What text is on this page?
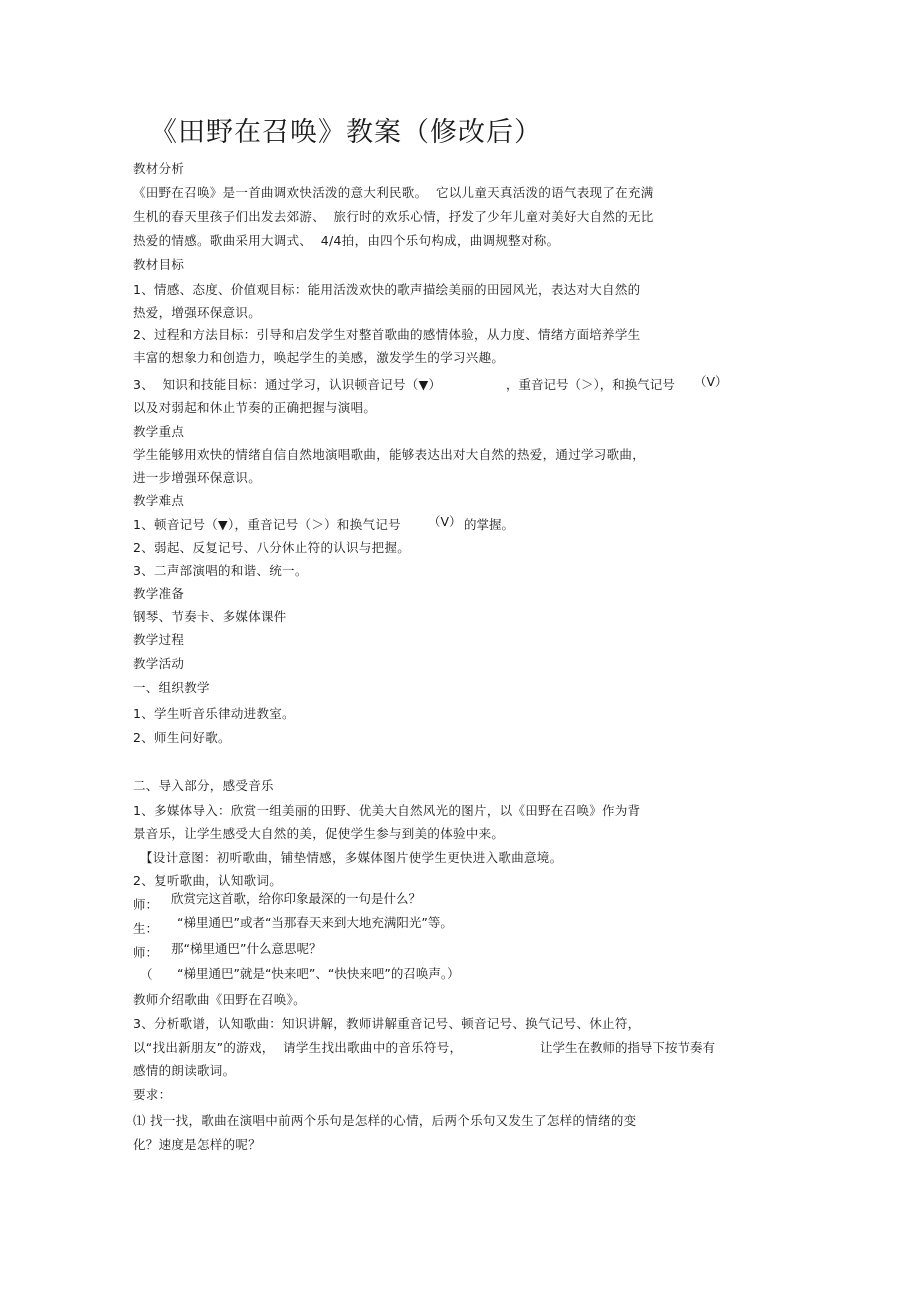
《田野在召唤》教案（修改后）
教材分析
《田野在召唤》是一首曲调欢快活泼的意大利民歌。  它以儿童天真活泼的语气表现了在充满
生机的春天里孩子们出发去郊游、  旅行时的欢乐心情，抒发了少年儿童对美好大自然的无比
热爱的情感。歌曲采用大调式、  4/4拍，由四个乐句构成，曲调规整对称。
教材目标
1、情感、态度、价值观目标：能用活泼欢快的歌声描绘美丽的田园风光，表达对大自然的
热爱，增强环保意识。
2、过程和方法目标：引导和启发学生对整首歌曲的感情体验，从力度、情绪方面培养学生
丰富的想象力和创造力，唤起学生的美感，激发学生的学习兴趣。
3、  知识和技能目标：通过学习，认识顿音记号（▼）	，重音记号（＞），和换气记号 （V）
以及对弱起和休止节奏的正确把握与演唱。
教学重点
学生能够用欢快的情绪自信自然地演唱歌曲，能够表达出对大自然的热爱，通过学习歌曲，
进一步增强环保意识。
教学难点
1、顿音记号（▼），重音记号（＞）和换气记号 （V） 的掌握。
2、弱起、反复记号、八分休止符的认识与把握。
3、二声部演唱的和谐、统一。
教学准备
钢琴、节奏卡、多媒体课件
教学过程
教学活动
一、组织教学
1、学生听音乐律动进教室。
2、师生问好歌。
二、导入部分，感受音乐
1、多媒体导入：欣赏一组美丽的田野、优美大自然风光的图片，以《田野在召唤》作为背
景音乐，让学生感受大自然的美，促使学生参与到美的体验中来。
【设计意图：初听歌曲，铺垫情感，多媒体图片使学生更快进入歌曲意境。
2、复听歌曲，认知歌词。
师： 欣赏完这首歌，给你印象最深的一句是什么？
生： “梯里通巴”或者“当那春天来到大地充满阳光”等。
师： 那“梯里通巴”什么意思呢？
（ “梯里通巴”就是“快来吧”、“快快来吧”的召唤声。）
教师介绍歌曲《田野在召唤》。
3、分析歌谱，认知歌曲：知识讲解，教师讲解重音记号、顿音记号、换气记号、休止符，
以“找出新朋友”的游戏，  请学生找出歌曲中的音乐符号，	让学生在教师的指导下按节奏有
感情的朗读歌词。
要求：
⑴ 找一找，歌曲在演唱中前两个乐句是怎样的心情，后两个乐句又发生了怎样的情绪的变
化？速度是怎样的呢？
